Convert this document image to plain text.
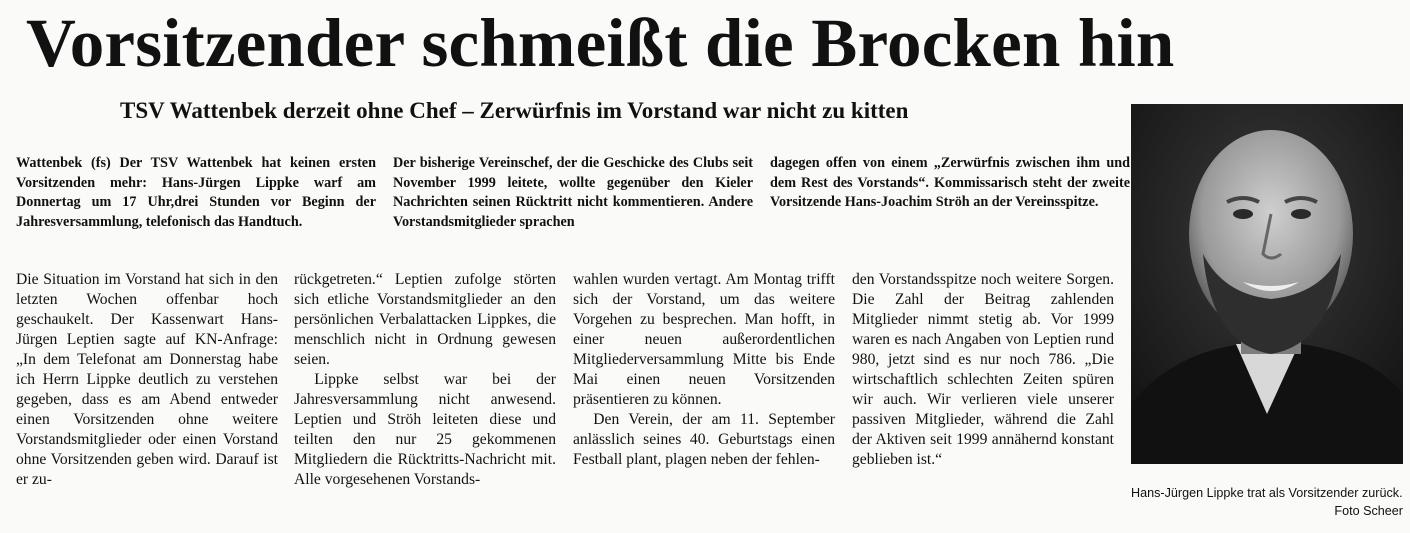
Vorsitzender schmeißt die Brocken hin
TSV Wattenbek derzeit ohne Chef – Zerwürfnis im Vorstand war nicht zu kitten

Wattenbek (fs) Der TSV Wattenbek hat keinen ersten Vorsitzenden mehr: Hans-Jürgen Lippke warf am Donnertag um 17 Uhr,drei Stunden vor Beginn der Jahresversammlung, telefonisch das Handtuch.

Der bisherige Vereinschef, der die Geschicke des Clubs seit November 1999 leitete, wollte gegenüber den Kieler Nachrichten seinen Rücktritt nicht kommentieren. Andere Vorstandsmitglieder sprachen

dagegen offen von einem „Zerwürfnis zwischen ihm und dem Rest des Vorstands“. Kommissarisch steht der zweite Vorsitzende Hans-Joachim Ströh an der Vereinsspitze.

Die Situation im Vorstand hat sich in den letzten Wochen offenbar hoch geschaukelt. Der Kassenwart Hans-Jürgen Leptien sagte auf KN-Anfrage: „In dem Telefonat am Donnerstag habe ich Herrn Lippke deutlich zu verstehen gegeben, dass es am Abend entweder einen Vorsitzenden ohne weitere Vorstandsmitglieder oder einen Vorstand ohne Vorsitzenden geben wird. Darauf ist er zu-

rückgetreten.“ Leptien zufolge störten sich etliche Vorstandsmitglieder an den persönlichen Verbalattacken Lippkes, die menschlich nicht in Ordnung gewesen seien.

Lippke selbst war bei der Jahresversammlung nicht anwesend. Leptien und Ströh leiteten diese und teilten den nur 25 gekommenen Mitgliedern die Rücktritts-Nachricht mit. Alle vorgesehenen Vorstands-

wahlen wurden vertagt. Am Montag trifft sich der Vorstand, um das weitere Vorgehen zu besprechen. Man hofft, in einer neuen außerordentlichen Mitgliederversammlung Mitte bis Ende Mai einen neuen Vorsitzenden präsentieren zu können.

Den Verein, der am 11. September anlässlich seines 40. Geburtstags einen Festball plant, plagen neben der fehlen-

den Vorstandsspitze noch weitere Sorgen. Die Zahl der Beitrag zahlenden Mitglieder nimmt stetig ab. Vor 1999 waren es nach Angaben von Leptien rund 980, jetzt sind es nur noch 786. „Die wirtschaftlich schlechten Zeiten spüren wir auch. Wir verlieren viele unserer passiven Mitglieder, während die Zahl der Aktiven seit 1999 annähernd konstant geblieben ist.“

Hans-Jürgen Lippke trat als Vorsitzender zurück.
Foto Scheer
